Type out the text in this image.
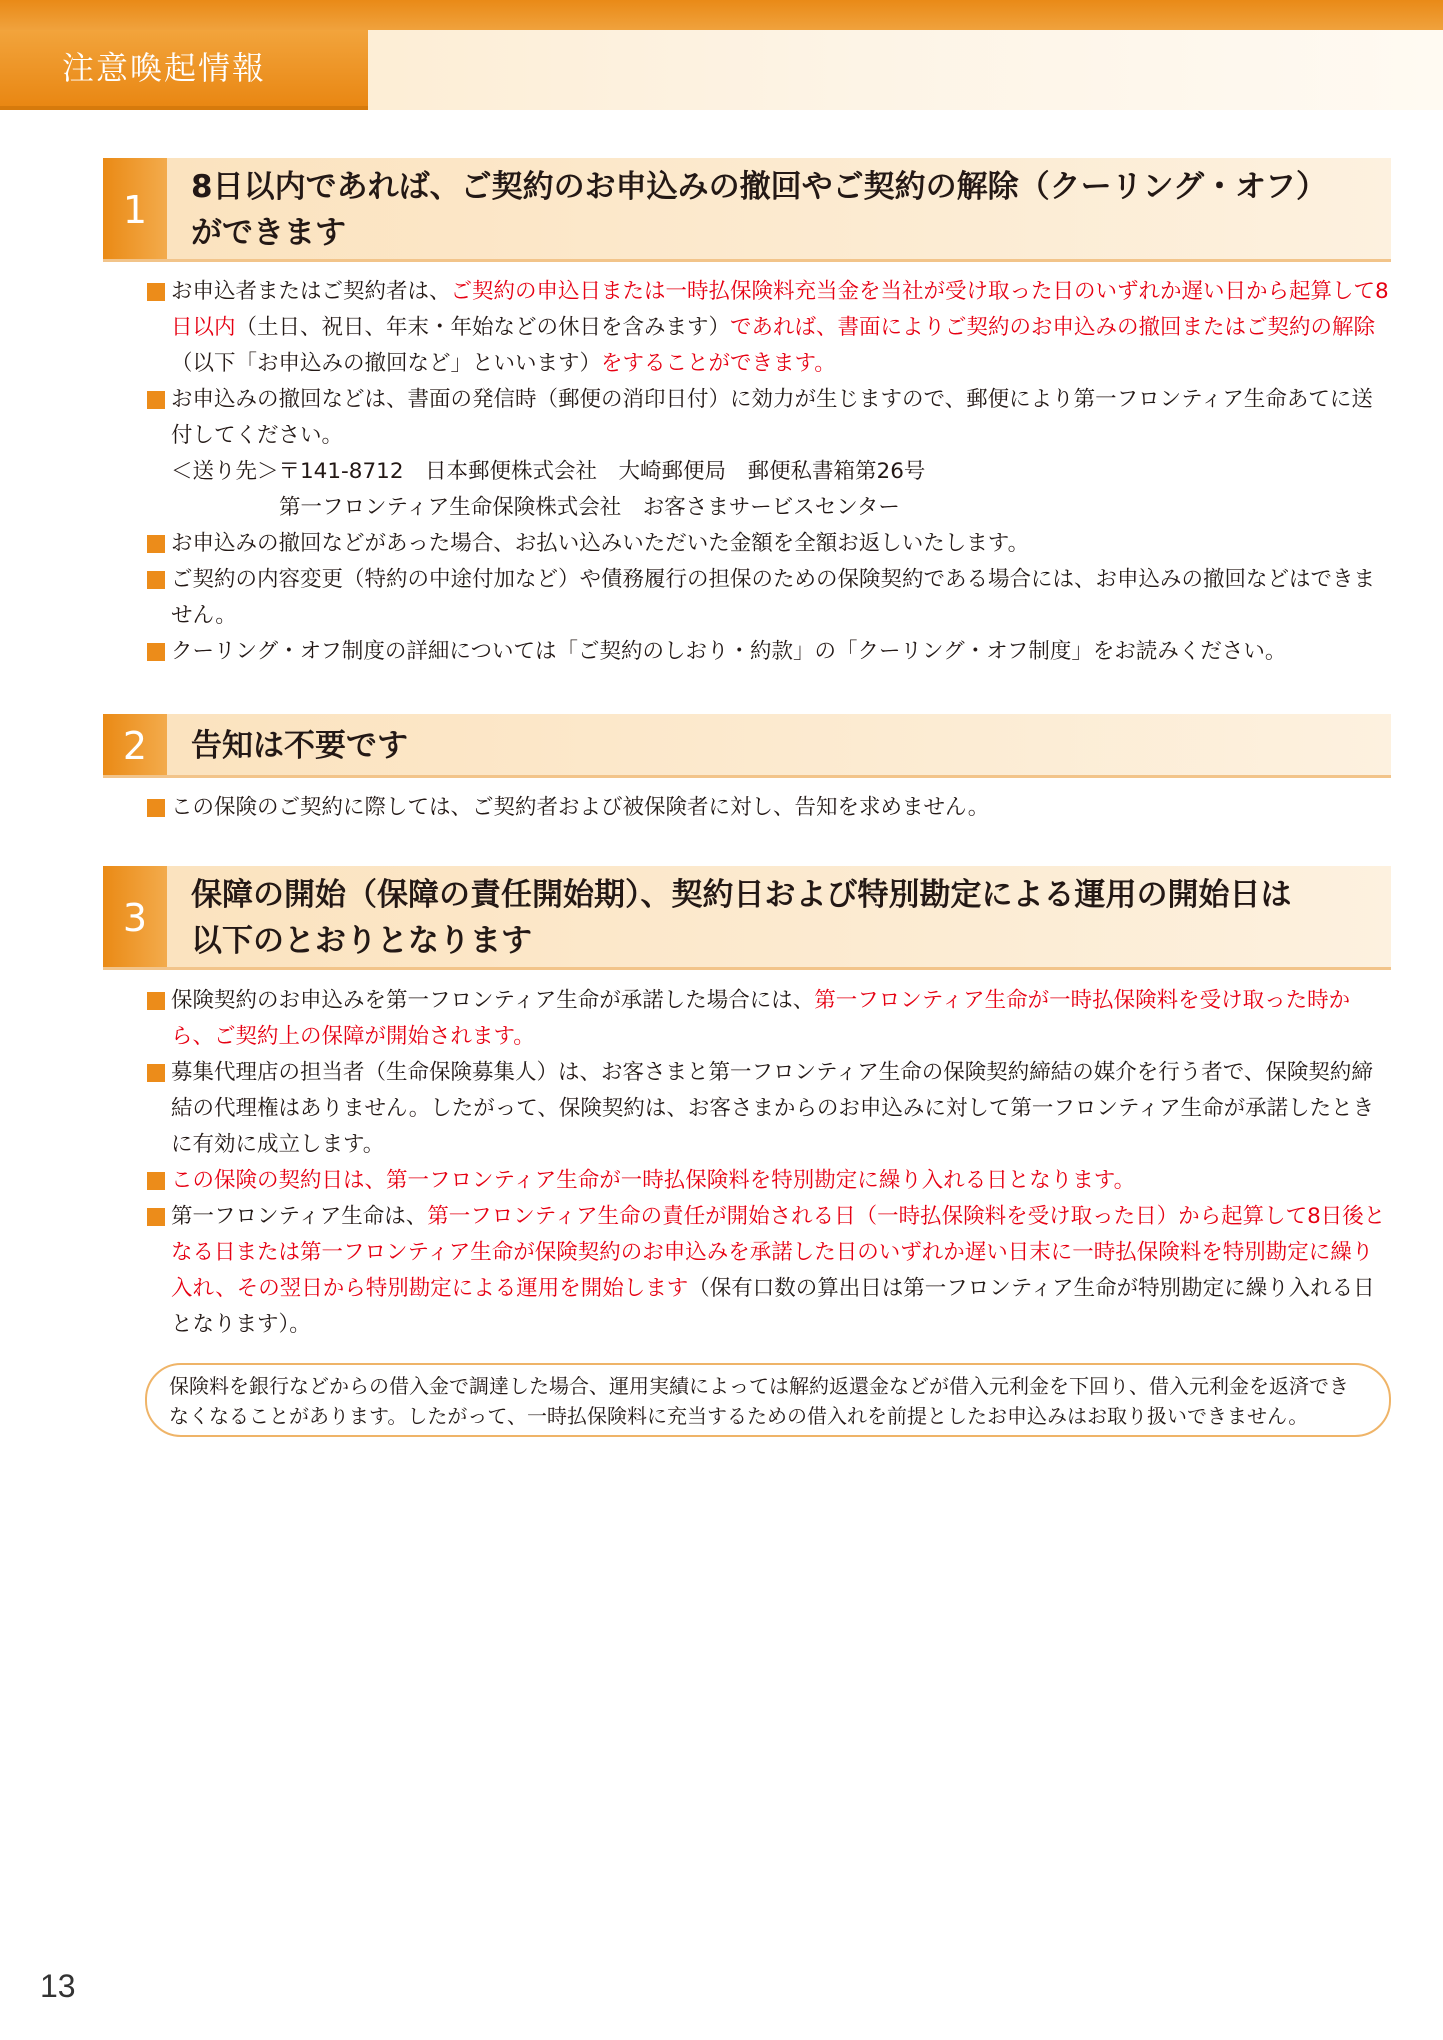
注意喚起情報
1
8日以内であれば、ご契約のお申込みの撤回やご契約の解除（クーリング・オフ）
ができます
お申込者またはご契約者は、ご契約の申込日または一時払保険料充当金を当社が受け取った日のいずれか遅い日から起算して8日以内（土日、祝日、年末・年始などの休日を含みます）であれば、書面によりご契約のお申込みの撤回またはご契約の解除（以下「お申込みの撤回など」といいます）をすることができます。
お申込みの撤回などは、書面の発信時（郵便の消印日付）に効力が生じますので、郵便により第一フロンティア生命あてに送付してください。
＜送り先＞〒141-8712　日本郵便株式会社　大崎郵便局　郵便私書箱第26号
第一フロンティア生命保険株式会社　お客さまサービスセンター
お申込みの撤回などがあった場合、お払い込みいただいた金額を全額お返しいたします。
ご契約の内容変更（特約の中途付加など）や債務履行の担保のための保険契約である場合には、お申込みの撤回などはできません。
クーリング・オフ制度の詳細については「ご契約のしおり・約款」の「クーリング・オフ制度」をお読みください。
2	告知は不要です
この保険のご契約に際しては、ご契約者および被保険者に対し、告知を求めません。
3
保障の開始（保障の責任開始期）、契約日および特別勘定による運用の開始日は
以下のとおりとなります
保険契約のお申込みを第一フロンティア生命が承諾した場合には、第一フロンティア生命が一時払保険料を受け取った時から、ご契約上の保障が開始されます。
募集代理店の担当者（生命保険募集人）は、お客さまと第一フロンティア生命の保険契約締結の媒介を行う者で、保険契約締結の代理権はありません。したがって、保険契約は、お客さまからのお申込みに対して第一フロンティア生命が承諾したときに有効に成立します。
この保険の契約日は、第一フロンティア生命が一時払保険料を特別勘定に繰り入れる日となります。
第一フロンティア生命は、第一フロンティア生命の責任が開始される日（一時払保険料を受け取った日）から起算して8日後となる日または第一フロンティア生命が保険契約のお申込みを承諾した日のいずれか遅い日末に一時払保険料を特別勘定に繰り入れ、その翌日から特別勘定による運用を開始します（保有口数の算出日は第一フロンティア生命が特別勘定に繰り入れる日となります）。
保険料を銀行などからの借入金で調達した場合、運用実績によっては解約返還金などが借入元利金を下回り、借入元利金を返済できなくなることがあります。したがって、一時払保険料に充当するための借入れを前提としたお申込みはお取り扱いできません。
13
